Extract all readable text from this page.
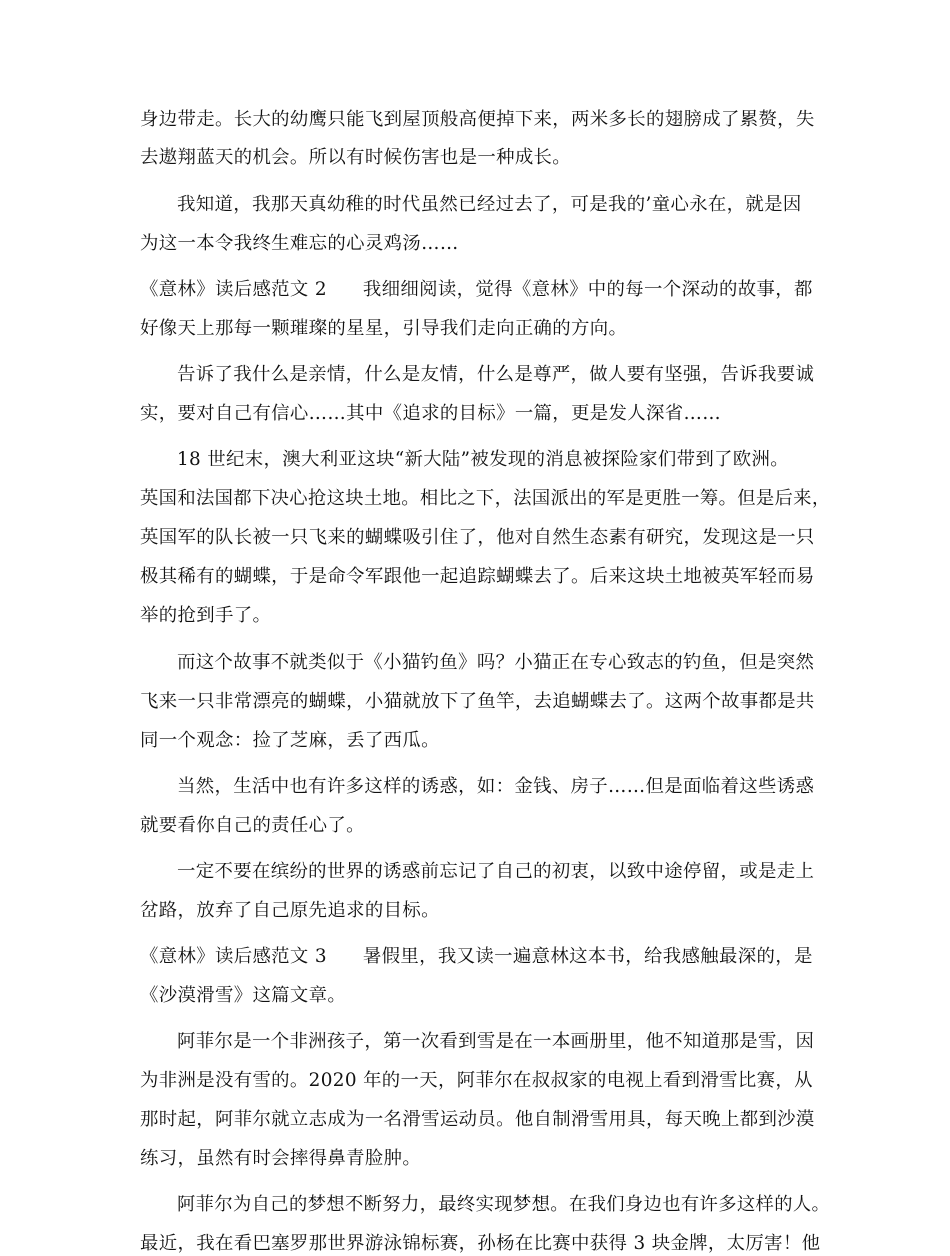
身边带走。长大的幼鹰只能飞到屋顶般高便掉下来，两米多长的翅膀成了累赘，失
去遨翔蓝天的机会。所以有时候伤害也是一种成长。
我知道，我那天真幼稚的时代虽然已经过去了，可是我的’童心永在，就是因
为这一本令我终生难忘的心灵鸡汤……
《意林》读后感范文 2 我细细阅读，觉得《意林》中的每一个深动的故事，都
好像天上那每一颗璀璨的星星，引导我们走向正确的方向。
告诉了我什么是亲情，什么是友情，什么是尊严，做人要有坚强，告诉我要诚
实，要对自己有信心……其中《追求的目标》一篇，更是发人深省……
18 世纪末，澳大利亚这块“新大陆”被发现的消息被探险家们带到了欧洲。
英国和法国都下决心抢这块土地。相比之下，法国派出的军是更胜一筹。但是后来，
英国军的队长被一只飞来的蝴蝶吸引住了，他对自然生态素有研究，发现这是一只
极其稀有的蝴蝶，于是命令军跟他一起追踪蝴蝶去了。后来这块土地被英军轻而易
举的抢到手了。
而这个故事不就类似于《小猫钓鱼》吗？小猫正在专心致志的钓鱼，但是突然
飞来一只非常漂亮的蝴蝶，小猫就放下了鱼竿，去追蝴蝶去了。这两个故事都是共
同一个观念：捡了芝麻，丢了西瓜。
当然，生活中也有许多这样的诱惑，如：金钱、房子……但是面临着这些诱惑
就要看你自己的责任心了。
一定不要在缤纷的世界的诱惑前忘记了自己的初衷，以致中途停留，或是走上
岔路，放弃了自己原先追求的目标。
《意林》读后感范文 3 暑假里，我又读一遍意林这本书，给我感触最深的，是
《沙漠滑雪》这篇文章。
阿菲尔是一个非洲孩子，第一次看到雪是在一本画册里，他不知道那是雪，因
为非洲是没有雪的。2020 年的一天，阿菲尔在叔叔家的电视上看到滑雪比赛，从
那时起，阿菲尔就立志成为一名滑雪运动员。他自制滑雪用具，每天晚上都到沙漠
练习，虽然有时会摔得鼻青脸肿。
阿菲尔为自己的梦想不断努力，最终实现梦想。在我们身边也有许多这样的人。
最近，我在看巴塞罗那世界游泳锦标赛，孙杨在比赛中获得 3 块金牌，太厉害！他
